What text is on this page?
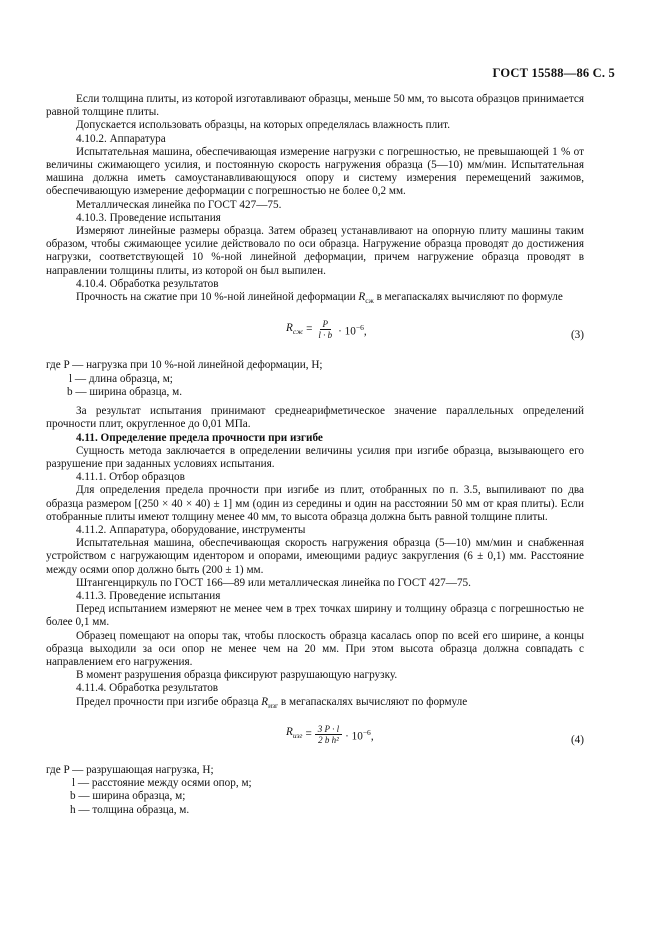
ГОСТ 15588—86 С. 5

Если толщина плиты, из которой изготавливают образцы, меньше 50 мм, то высота образцов принимается равной толщине плиты.

Допускается использовать образцы, на которых определялась влажность плит.

4.10.2. Аппаратура

Испытательная машина, обеспечивающая измерение нагрузки с погрешностью, не превышающей 1 % от величины сжимающего усилия, и постоянную скорость нагружения образца (5—10) мм/мин. Испытательная машина должна иметь самоустанавливающуюся опору и систему измерения перемещений зажимов, обеспечивающую измерение деформации с погрешностью не более 0,2 мм.

Металлическая линейка по ГОСТ 427—75.

4.10.3. Проведение испытания

Измеряют линейные размеры образца. Затем образец устанавливают на опорную плиту машины таким образом, чтобы сжимающее усилие действовало по оси образца. Нагружение образца проводят до достижения нагрузки, соответствующей 10 %-ной линейной деформации, причем нагружение образца проводят в направлении толщины плиты, из которой он был выпилен.

4.10.4. Обработка результатов

Прочность на сжатие при 10 %-ной линейной деформации $R_{сж}$ в мегапаскалях вычисляют по формуле

$R_{сж} = \frac{P}{l \cdot b} \cdot 10^{-6}$,	(3)

где P — нагрузка при 10 %-ной линейной деформации, Н;

l — длина образца, м;

b — ширина образца, м.

За результат испытания принимают среднеарифметическое значение параллельных определений прочности плит, округленное до 0,01 МПа.

4.11. Определение предела прочности при изгибе

Сущность метода заключается в определении величины усилия при изгибе образца, вызывающего его разрушение при заданных условиях испытания.

4.11.1. Отбор образцов

Для определения предела прочности при изгибе из плит, отобранных по п. 3.5, выпиливают по два образца размером [(250 × 40 × 40) ± 1] мм (один из середины и один на расстоянии 50 мм от края плиты). Если отобранные плиты имеют толщину менее 40 мм, то высота образца должна быть равной толщине плиты.

4.11.2. Аппаратура, оборудование, инструменты

Испытательная машина, обеспечивающая скорость нагружения образца (5—10) мм/мин и снабженная устройством с нагружающим идентором и опорами, имеющими радиус закругления (6 ± 0,1) мм. Расстояние между осями опор должно быть (200 ± 1) мм.

Штангенциркуль по ГОСТ 166—89 или металлическая линейка по ГОСТ 427—75.

4.11.3. Проведение испытания

Перед испытанием измеряют не менее чем в трех точках ширину и толщину образца с погрешностью не более 0,1 мм.

Образец помещают на опоры так, чтобы плоскость образца касалась опор по всей его ширине, а концы образца выходили за оси опор не менее чем на 20 мм. При этом высота образца должна совпадать с направлением его нагружения.

В момент разрушения образца фиксируют разрушающую нагрузку.

4.11.4. Обработка результатов

Предел прочности при изгибе образца $R_{изг}$ в мегапаскалях вычисляют по формуле

$R_{изг} = \frac{3 P \cdot l}{\text{2 b h²}} \cdot 10^{-6}$,	(4)

где P — разрушающая нагрузка, Н;

l — расстояние между осями опор, м;

b — ширина образца, м;

h — толщина образца, м.
